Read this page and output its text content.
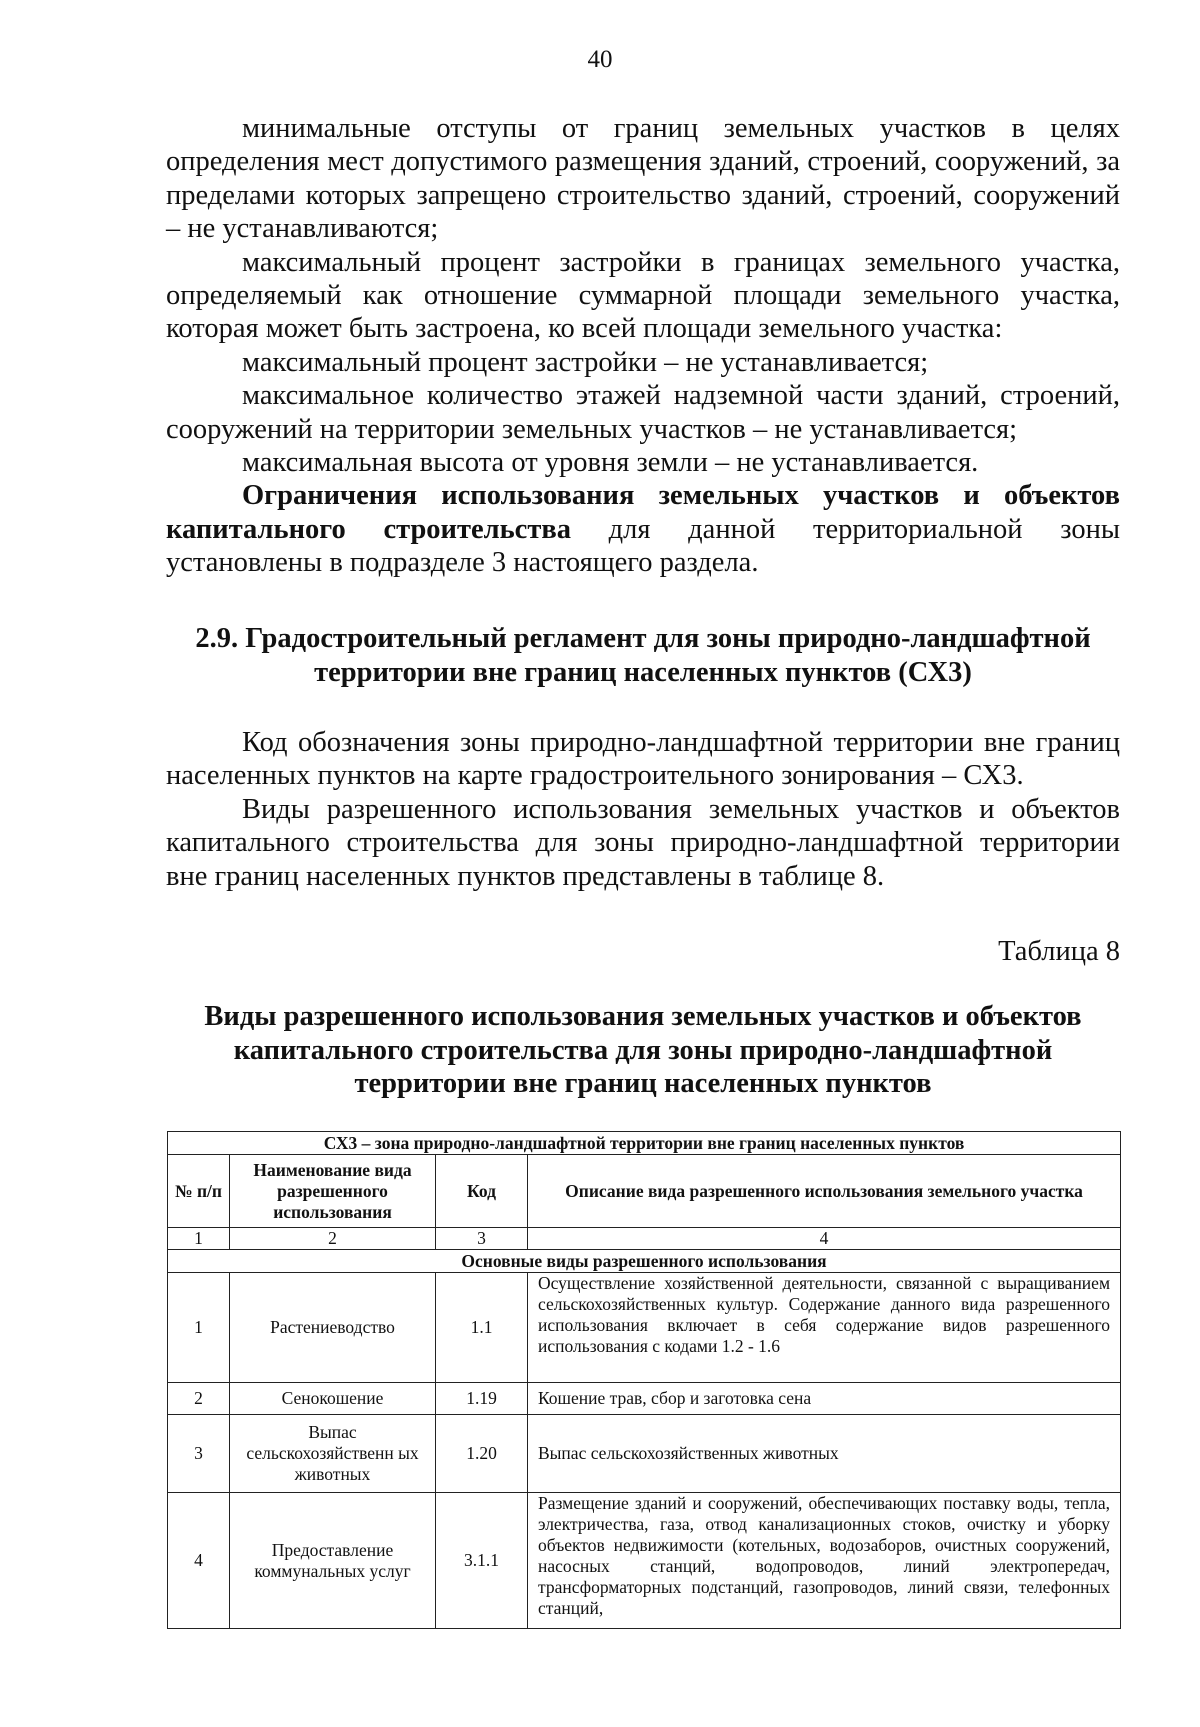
40

минимальные отступы от границ земельных участков в целях определения мест допустимого размещения зданий, строений, сооружений, за пределами которых запрещено строительство зданий, строений, сооружений – не устанавливаются;

максимальный процент застройки в границах земельного участка, определяемый как отношение суммарной площади земельного участка, которая может быть застроена, ко всей площади земельного участка:

максимальный процент застройки – не устанавливается;

максимальное количество этажей надземной части зданий, строений, сооружений на территории земельных участков – не устанавливается;

максимальная высота от уровня земли – не устанавливается.

Ограничения использования земельных участков и объектов капитального строительства для данной территориальной зоны установлены в подразделе 3 настоящего раздела.

2.9. Градостроительный регламент для зоны природно-ландшафтной
территории вне границ населенных пунктов (СХ3)

Код обозначения зоны природно-ландшафтной территории вне границ населенных пунктов на карте градостроительного зонирования – СХ3.

Виды разрешенного использования земельных участков и объектов капитального строительства для зоны природно-ландшафтной территории вне границ населенных пунктов представлены в таблице 8.

Таблица 8
Виды разрешенного использования земельных участков и объектов
капитального строительства для зоны природно-ландшафтной
территории вне границ населенных пунктов
СХ3 – зона природно-ландшафтной территории вне границ населенных пунктов			
№ п/п	Наименование вида разрешенного использования	Код	Описание вида разрешенного использования земельного участка
1	2	3	4
Основные виды разрешенного использования			
1	Растениеводство	1.1	Осуществление хозяйственной деятельности, связанной с выращиванием сельскохозяйственных культур. Содержание данного вида разрешенного использования включает в себя содержание видов разрешенного использования с кодами 1.2 - 1.6
2	Сенокошение	1.19	Кошение трав, сбор и заготовка сена
3	Выпас сельскохозяйственн ых животных	1.20	Выпас сельскохозяйственных животных
4	Предоставление коммунальных услуг	3.1.1	Размещение зданий и сооружений, обеспечивающих поставку воды, тепла, электричества, газа, отвод канализационных стоков, очистку и уборку объектов недвижимости (котельных, водозаборов, очистных сооружений, насосных станций, водопроводов, линий электропередач, трансформаторных подстанций, газопроводов, линий связи, телефонных станций,
